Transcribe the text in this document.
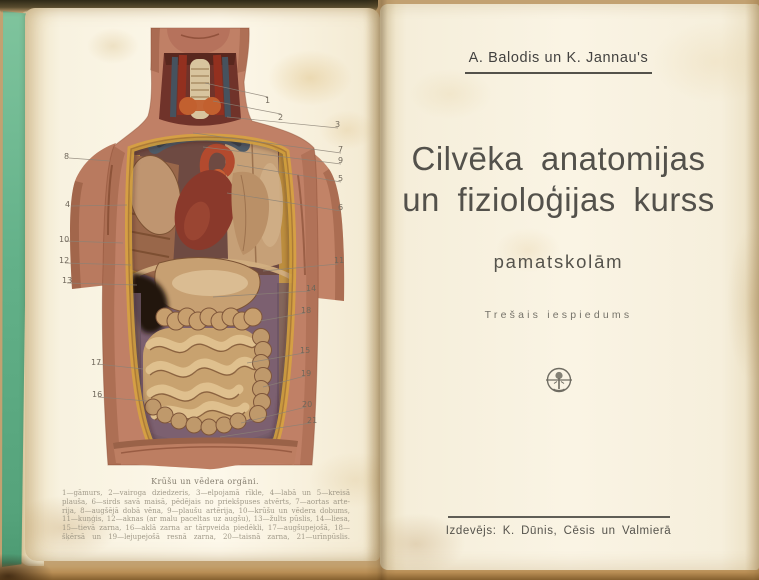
1
2
3
4
5
6
7
8	9
10
11
12
13
14
15
16
17
18
19
20
21
Krūšu un vēdera orgāni.
1—gāmurs, 2—vairoga dziedzeris, 3—elpojamā rīkle, 4—labā un 5—kreisā
plauša, 6—sirds savā maisā, pēdējais no priekšpuses atvērts, 7—aortas arte-
rija, 8—augšējā dobā vēna, 9—plaušu artērija, 10—krūšu un vēdera dobums,
11—kuņģis, 12—aknas (ar malu paceltas uz augšu), 13—žults pūslis, 14—liesa,
15—tievā zarna, 16—aklā zarna ar tārpveida piedēkli, 17—augšupejošā, 18—
šķērsā un 19—lejupejošā resnā zarna, 20—taisnā zarna, 21—urīnpūslis.
A. Balodis un K. Jannau's
Cilvēka anatomijas
un fizioloģijas kurss
pamatskolām
Trešais iespiedums
Izdevējs: K. Dūnis, Cēsis un Valmierā
